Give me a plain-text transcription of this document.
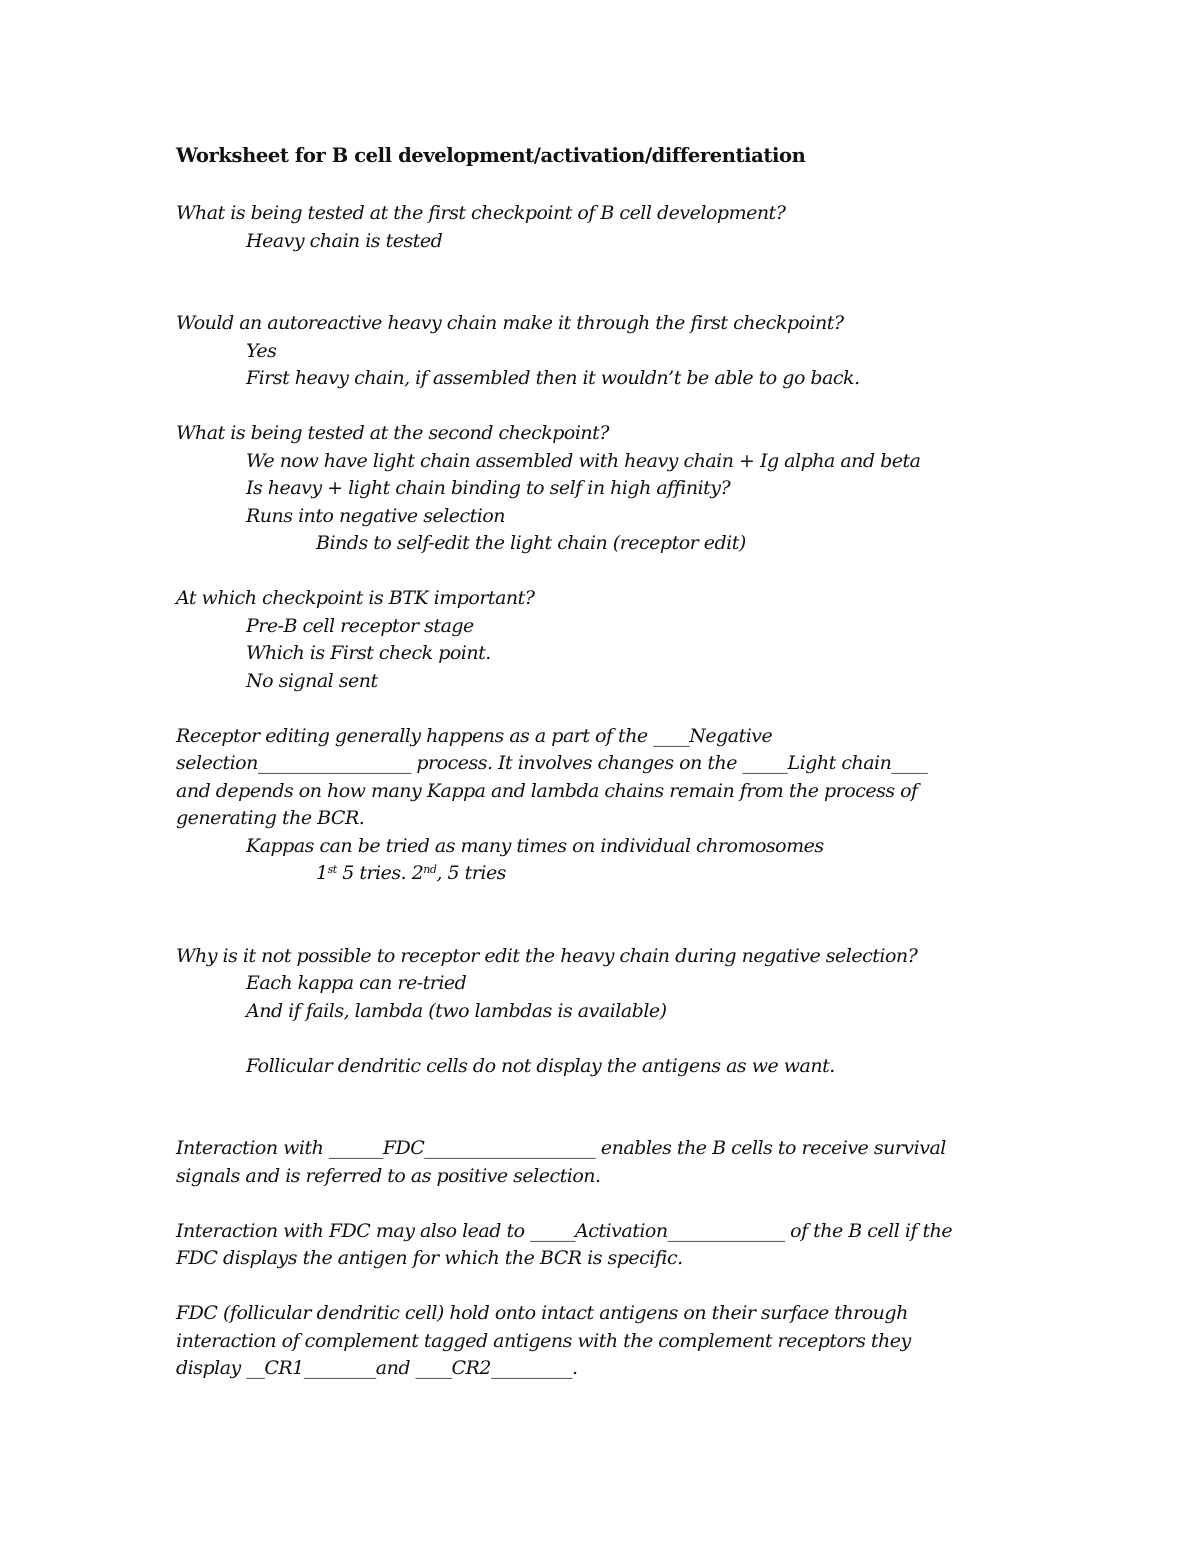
Worksheet for B cell development/activation/differentiation
What is being tested at the first checkpoint of B cell development?
Heavy chain is tested
Would an autoreactive heavy chain make it through the first checkpoint?
Yes
First heavy chain, if assembled then it wouldn’t be able to go back.
What is being tested at the second checkpoint?
We now have light chain assembled with heavy chain + Ig alpha and beta
Is heavy + light chain binding to self in high affinity?
Runs into negative selection
Binds to self-edit the light chain (receptor edit)
At which checkpoint is BTK important?
Pre-B cell receptor stage
Which is First check point.
No signal sent
Receptor editing generally happens as a part of the ____Negative
selection_________________ process. It involves changes on the _____Light chain____
and depends on how many Kappa and lambda chains remain from the process of
generating the BCR.
Kappas can be tried as many times on individual chromosomes
1st 5 tries. 2nd, 5 tries
Why is it not possible to receptor edit the heavy chain during negative selection?
Each kappa can re-tried
And if fails, lambda (two lambdas is available)
Follicular dendritic cells do not display the antigens as we want.
Interaction with ______FDC___________________ enables the B cells to receive survival
signals and is referred to as positive selection.
Interaction with FDC may also lead to _____Activation_____________ of the B cell if the
FDC displays the antigen for which the BCR is specific.
FDC (follicular dendritic cell) hold onto intact antigens on their surface through
interaction of complement tagged antigens with the complement receptors they
display __CR1________and ____CR2_________.
